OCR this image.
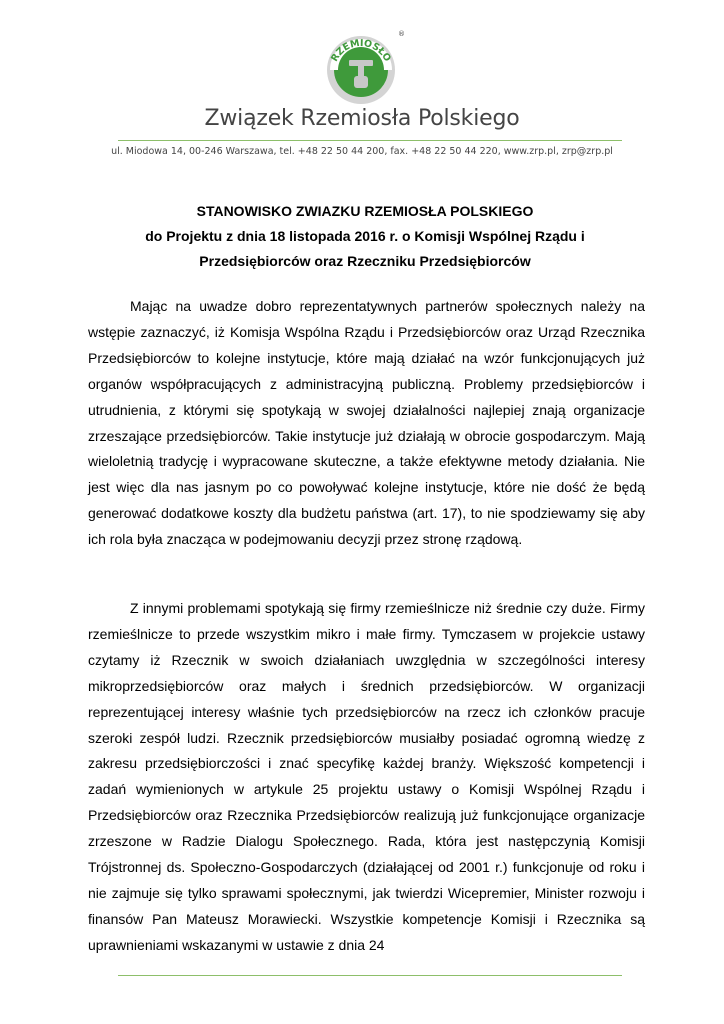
RZEMIOSŁO
®
Związek Rzemiosła Polskiego
ul. Miodowa 14, 00-246 Warszawa, tel. +48 22 50 44 200, fax. +48 22 50 44 220, www.zrp.pl, zrp@zrp.pl
STANOWISKO ZWIAZKU RZEMIOSŁA POLSKIEGO
do Projektu z dnia 18 listopada 2016 r. o Komisji Wspólnej Rządu i
Przedsiębiorców oraz Rzeczniku Przedsiębiorców

Mając na uwadze dobro reprezentatywnych partnerów społecznych należy na wstępie zaznaczyć, iż Komisja Wspólna Rządu i Przedsiębiorców oraz Urząd Rzecznika Przedsiębiorców to kolejne instytucje, które mają działać na wzór funkcjonujących już organów współpracujących z administracyjną publiczną. Problemy przedsiębiorców i utrudnienia, z którymi się spotykają w swojej działalności najlepiej znają organizacje zrzeszające przedsiębiorców. Takie instytucje już działają w obrocie gospodarczym. Mają wieloletnią tradycję i wypracowane skuteczne, a także efektywne metody działania. Nie jest więc dla nas jasnym po co powoływać kolejne instytucje, które nie dość że będą generować dodatkowe koszty dla budżetu państwa (art. 17), to nie spodziewamy się aby ich rola była znacząca w podejmowaniu decyzji przez stronę rządową.

Z innymi problemami spotykają się firmy rzemieślnicze niż średnie czy duże. Firmy rzemieślnicze to przede wszystkim mikro i małe firmy. Tymczasem w projekcie ustawy czytamy iż Rzecznik w swoich działaniach uwzględnia w szczególności interesy mikroprzedsiębiorców oraz małych i średnich przedsiębiorców. W organizacji reprezentującej interesy właśnie tych przedsiębiorców na rzecz ich członków pracuje szeroki zespół ludzi. Rzecznik przedsiębiorców musiałby posiadać ogromną wiedzę z zakresu przedsiębiorczości i znać specyfikę każdej branży. Większość kompetencji i zadań wymienionych w artykule 25 projektu ustawy o Komisji Wspólnej Rządu i Przedsiębiorców oraz Rzecznika Przedsiębiorców realizują już funkcjonujące organizacje zrzeszone w Radzie Dialogu Społecznego. Rada, która jest następczynią Komisji Trójstronnej ds. Społeczno-Gospodarczych (działającej od 2001 r.) funkcjonuje od roku i nie zajmuje się tylko sprawami społecznymi, jak twierdzi Wicepremier, Minister rozwoju i finansów Pan Mateusz Morawiecki. Wszystkie kompetencje Komisji i Rzecznika są uprawnieniami wskazanymi w ustawie z dnia 24
